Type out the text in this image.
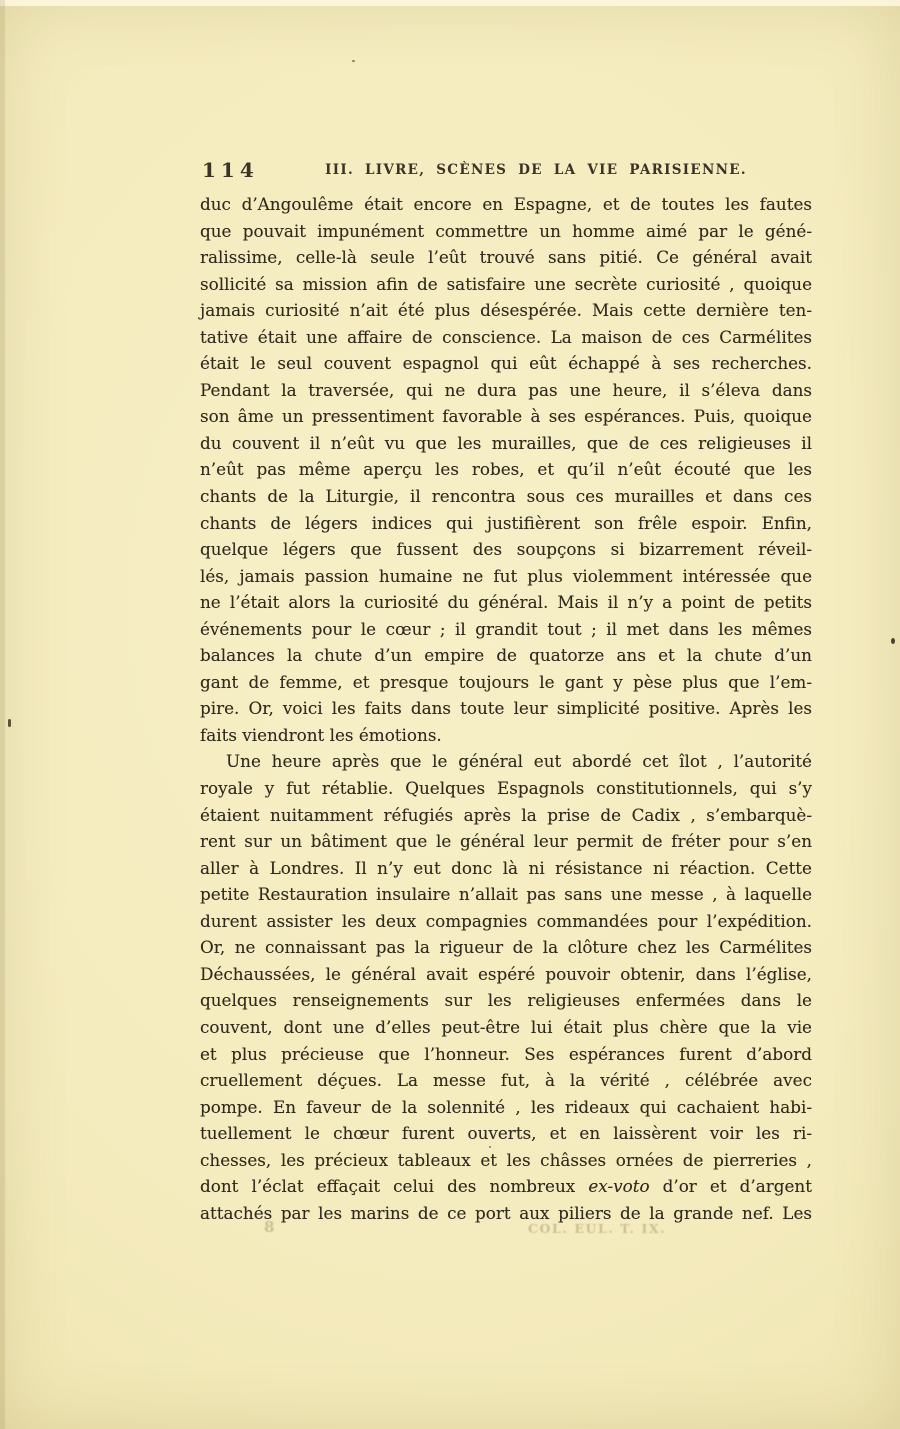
114	III. LIVRE, SCÈNES DE LA VIE PARISIENNE.
duc d’Angoulême était encore en Espagne, et de toutes les fautes
que pouvait impunément commettre un homme aimé par le géné-
ralissime, celle-là seule l’eût trouvé sans pitié. Ce général avait
sollicité sa mission afin de satisfaire une secrète curiosité , quoique
jamais curiosité n’ait été plus désespérée. Mais cette dernière ten-
tative était une affaire de conscience. La maison de ces Carmélites
était le seul couvent espagnol qui eût échappé à ses recherches.
Pendant la traversée, qui ne dura pas une heure, il s’éleva dans
son âme un pressentiment favorable à ses espérances. Puis, quoique
du couvent il n’eût vu que les murailles, que de ces religieuses il
n’eût pas même aperçu les robes, et qu’il n’eût écouté que les
chants de la Liturgie, il rencontra sous ces murailles et dans ces
chants de légers indices qui justifièrent son frêle espoir. Enfin,
quelque légers que fussent des soupçons si bizarrement réveil-
lés, jamais passion humaine ne fut plus violemment intéressée que
ne l’était alors la curiosité du général. Mais il n’y a point de petits
événements pour le cœur ; il grandit tout ; il met dans les mêmes
balances la chute d’un empire de quatorze ans et la chute d’un
gant de femme, et presque toujours le gant y pèse plus que l’em-
pire. Or, voici les faits dans toute leur simplicité positive. Après les
faits viendront les émotions.
Une heure après que le général eut abordé cet îlot , l’autorité
royale y fut rétablie. Quelques Espagnols constitutionnels, qui s’y
étaient nuitamment réfugiés après la prise de Cadix , s’embarquè-
rent sur un bâtiment que le général leur permit de fréter pour s’en
aller à Londres. Il n’y eut donc là ni résistance ni réaction. Cette
petite Restauration insulaire n’allait pas sans une messe , à laquelle
durent assister les deux compagnies commandées pour l’expédition.
Or, ne connaissant pas la rigueur de la clôture chez les Carmélites
Déchaussées, le général avait espéré pouvoir obtenir, dans l’église,
quelques renseignements sur les religieuses enfermées dans le
couvent, dont une d’elles peut-être lui était plus chère que la vie
et plus précieuse que l’honneur. Ses espérances furent d’abord
cruellement déçues. La messe fut, à la vérité , célébrée avec
pompe. En faveur de la solennité , les rideaux qui cachaient habi-
tuellement le chœur furent ouverts, et en laissèrent voir les ri-
chesses, les précieux tableaux et les châsses ornées de pierreries ,
dont l’éclat effaçait celui des nombreux ex-voto d’or et d’argent
attachés par les marins de ce port aux piliers de la grande nef. Les
8	COL. EUL. T. IX.
